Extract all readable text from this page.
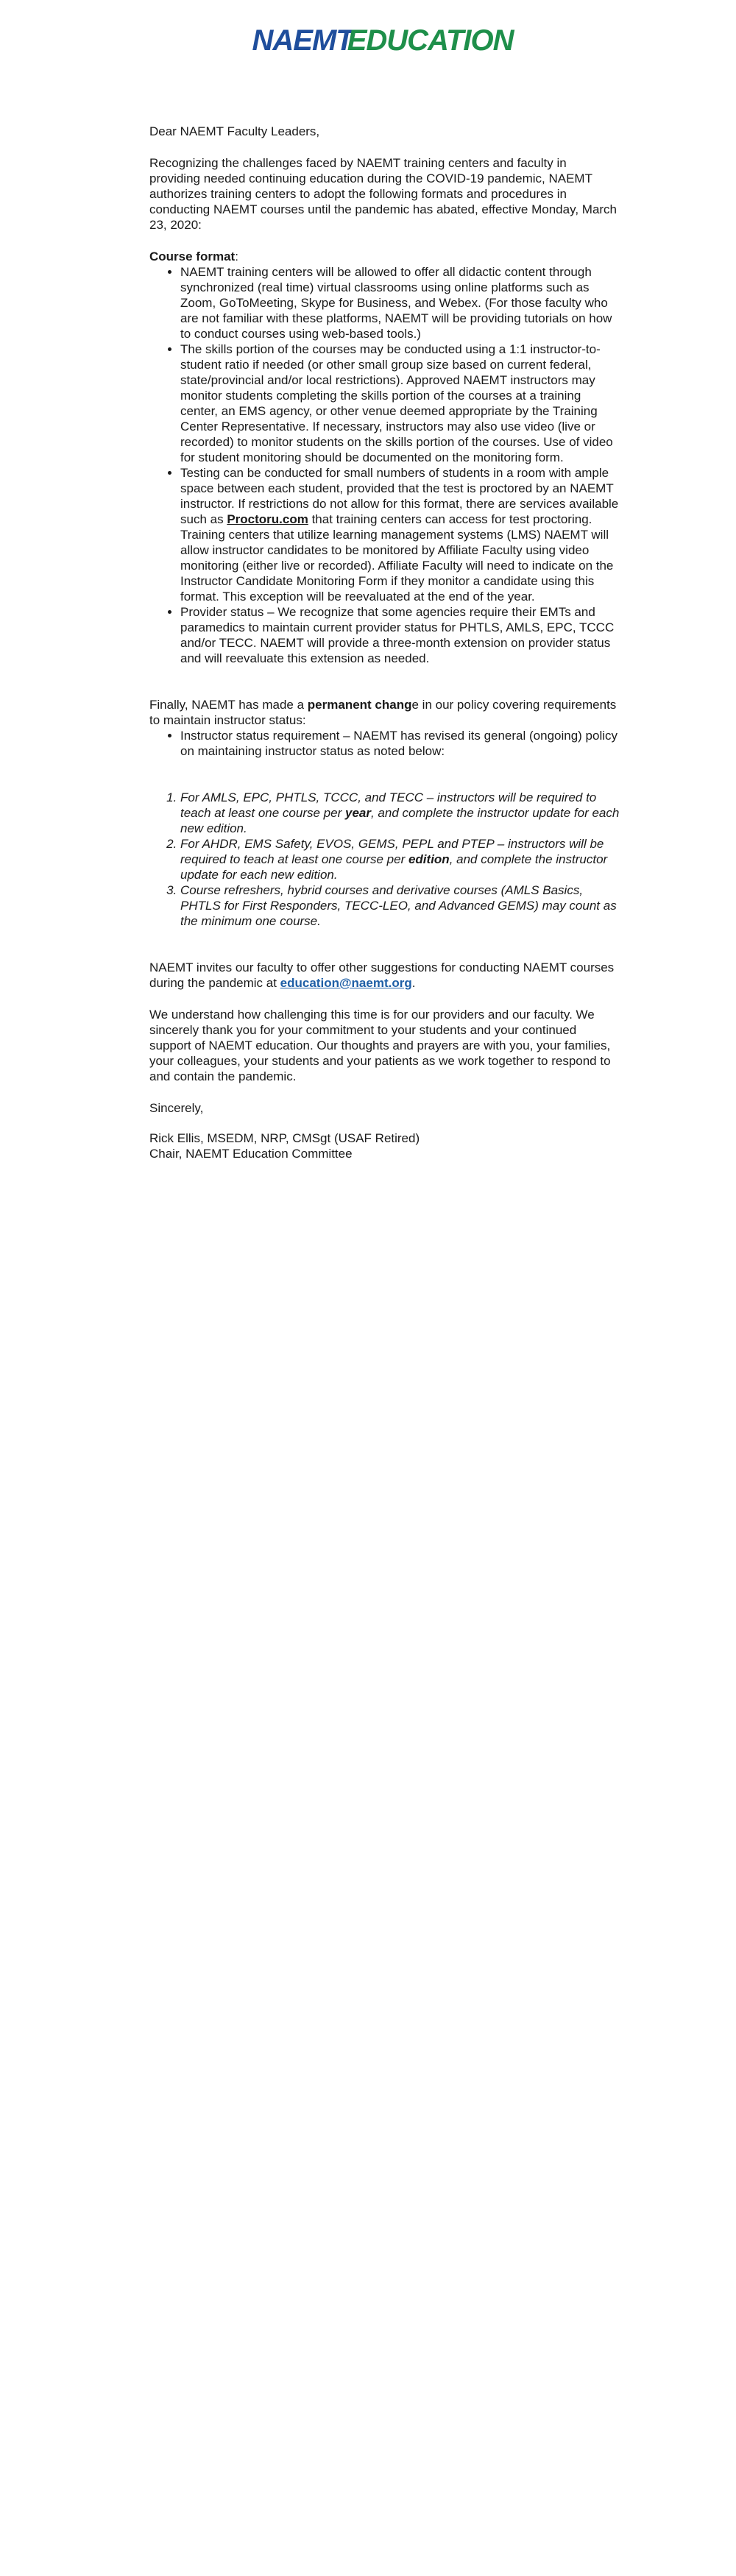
NAEMT
EDUCATION

Dear NAEMT Faculty Leaders,

Recognizing the challenges faced by NAEMT training centers and faculty in providing needed continuing education during the COVID-19 pandemic, NAEMT authorizes training centers to adopt the following formats and procedures in conducting NAEMT courses until the pandemic has abated, effective Monday, March 23, 2020:

Course format:

• NAEMT training centers will be allowed to offer all didactic content through synchronized (real time) virtual classrooms using online platforms such as Zoom, GoToMeeting, Skype for Business, and Webex. (For those faculty who are not familiar with these platforms, NAEMT will be providing tutorials on how to conduct courses using web-based tools.)
• The skills portion of the courses may be conducted using a 1:1 instructor-to-student ratio if needed (or other small group size based on current federal, state/provincial and/or local restrictions). Approved NAEMT instructors may monitor students completing the skills portion of the courses at a training center, an EMS agency, or other venue deemed appropriate by the Training Center Representative. If necessary, instructors may also use video (live or recorded) to monitor students on the skills portion of the courses. Use of video for student monitoring should be documented on the monitoring form.
• Testing can be conducted for small numbers of students in a room with ample space between each student, provided that the test is proctored by an NAEMT instructor. If restrictions do not allow for this format, there are services available such as Proctoru.com that training centers can access for test proctoring. Training centers that utilize learning management systems (LMS) NAEMT will allow instructor candidates to be monitored by Affiliate Faculty using video monitoring (either live or recorded). Affiliate Faculty will need to indicate on the Instructor Candidate Monitoring Form if they monitor a candidate using this format. This exception will be reevaluated at the end of the year.
• Provider status – We recognize that some agencies require their EMTs and paramedics to maintain current provider status for PHTLS, AMLS, EPC, TCCC and/or TECC. NAEMT will provide a three-month extension on provider status and will reevaluate this extension as needed.

Finally, NAEMT has made a permanent change in our policy covering requirements to maintain instructor status:

• Instructor status requirement – NAEMT has revised its general (ongoing) policy on maintaining instructor status as noted below:
1. For AMLS, EPC, PHTLS, TCCC, and TECC – instructors will be required to teach at least one course per year, and complete the instructor update for each new edition.
2. For AHDR, EMS Safety, EVOS, GEMS, PEPL and PTEP – instructors will be required to teach at least one course per edition, and complete the instructor update for each new edition.
3. Course refreshers, hybrid courses and derivative courses (AMLS Basics, PHTLS for First Responders, TECC-LEO, and Advanced GEMS) may count as the minimum one course.

NAEMT invites our faculty to offer other suggestions for conducting NAEMT courses during the pandemic at education@naemt.org.

We understand how challenging this time is for our providers and our faculty. We sincerely thank you for your commitment to your students and your continued support of NAEMT education. Our thoughts and prayers are with you, your families, your colleagues, your students and your patients as we work together to respond to and contain the pandemic.

Sincerely,

Rick Ellis, MSEDM, NRP, CMSgt (USAF Retired)

Chair, NAEMT Education Committee
